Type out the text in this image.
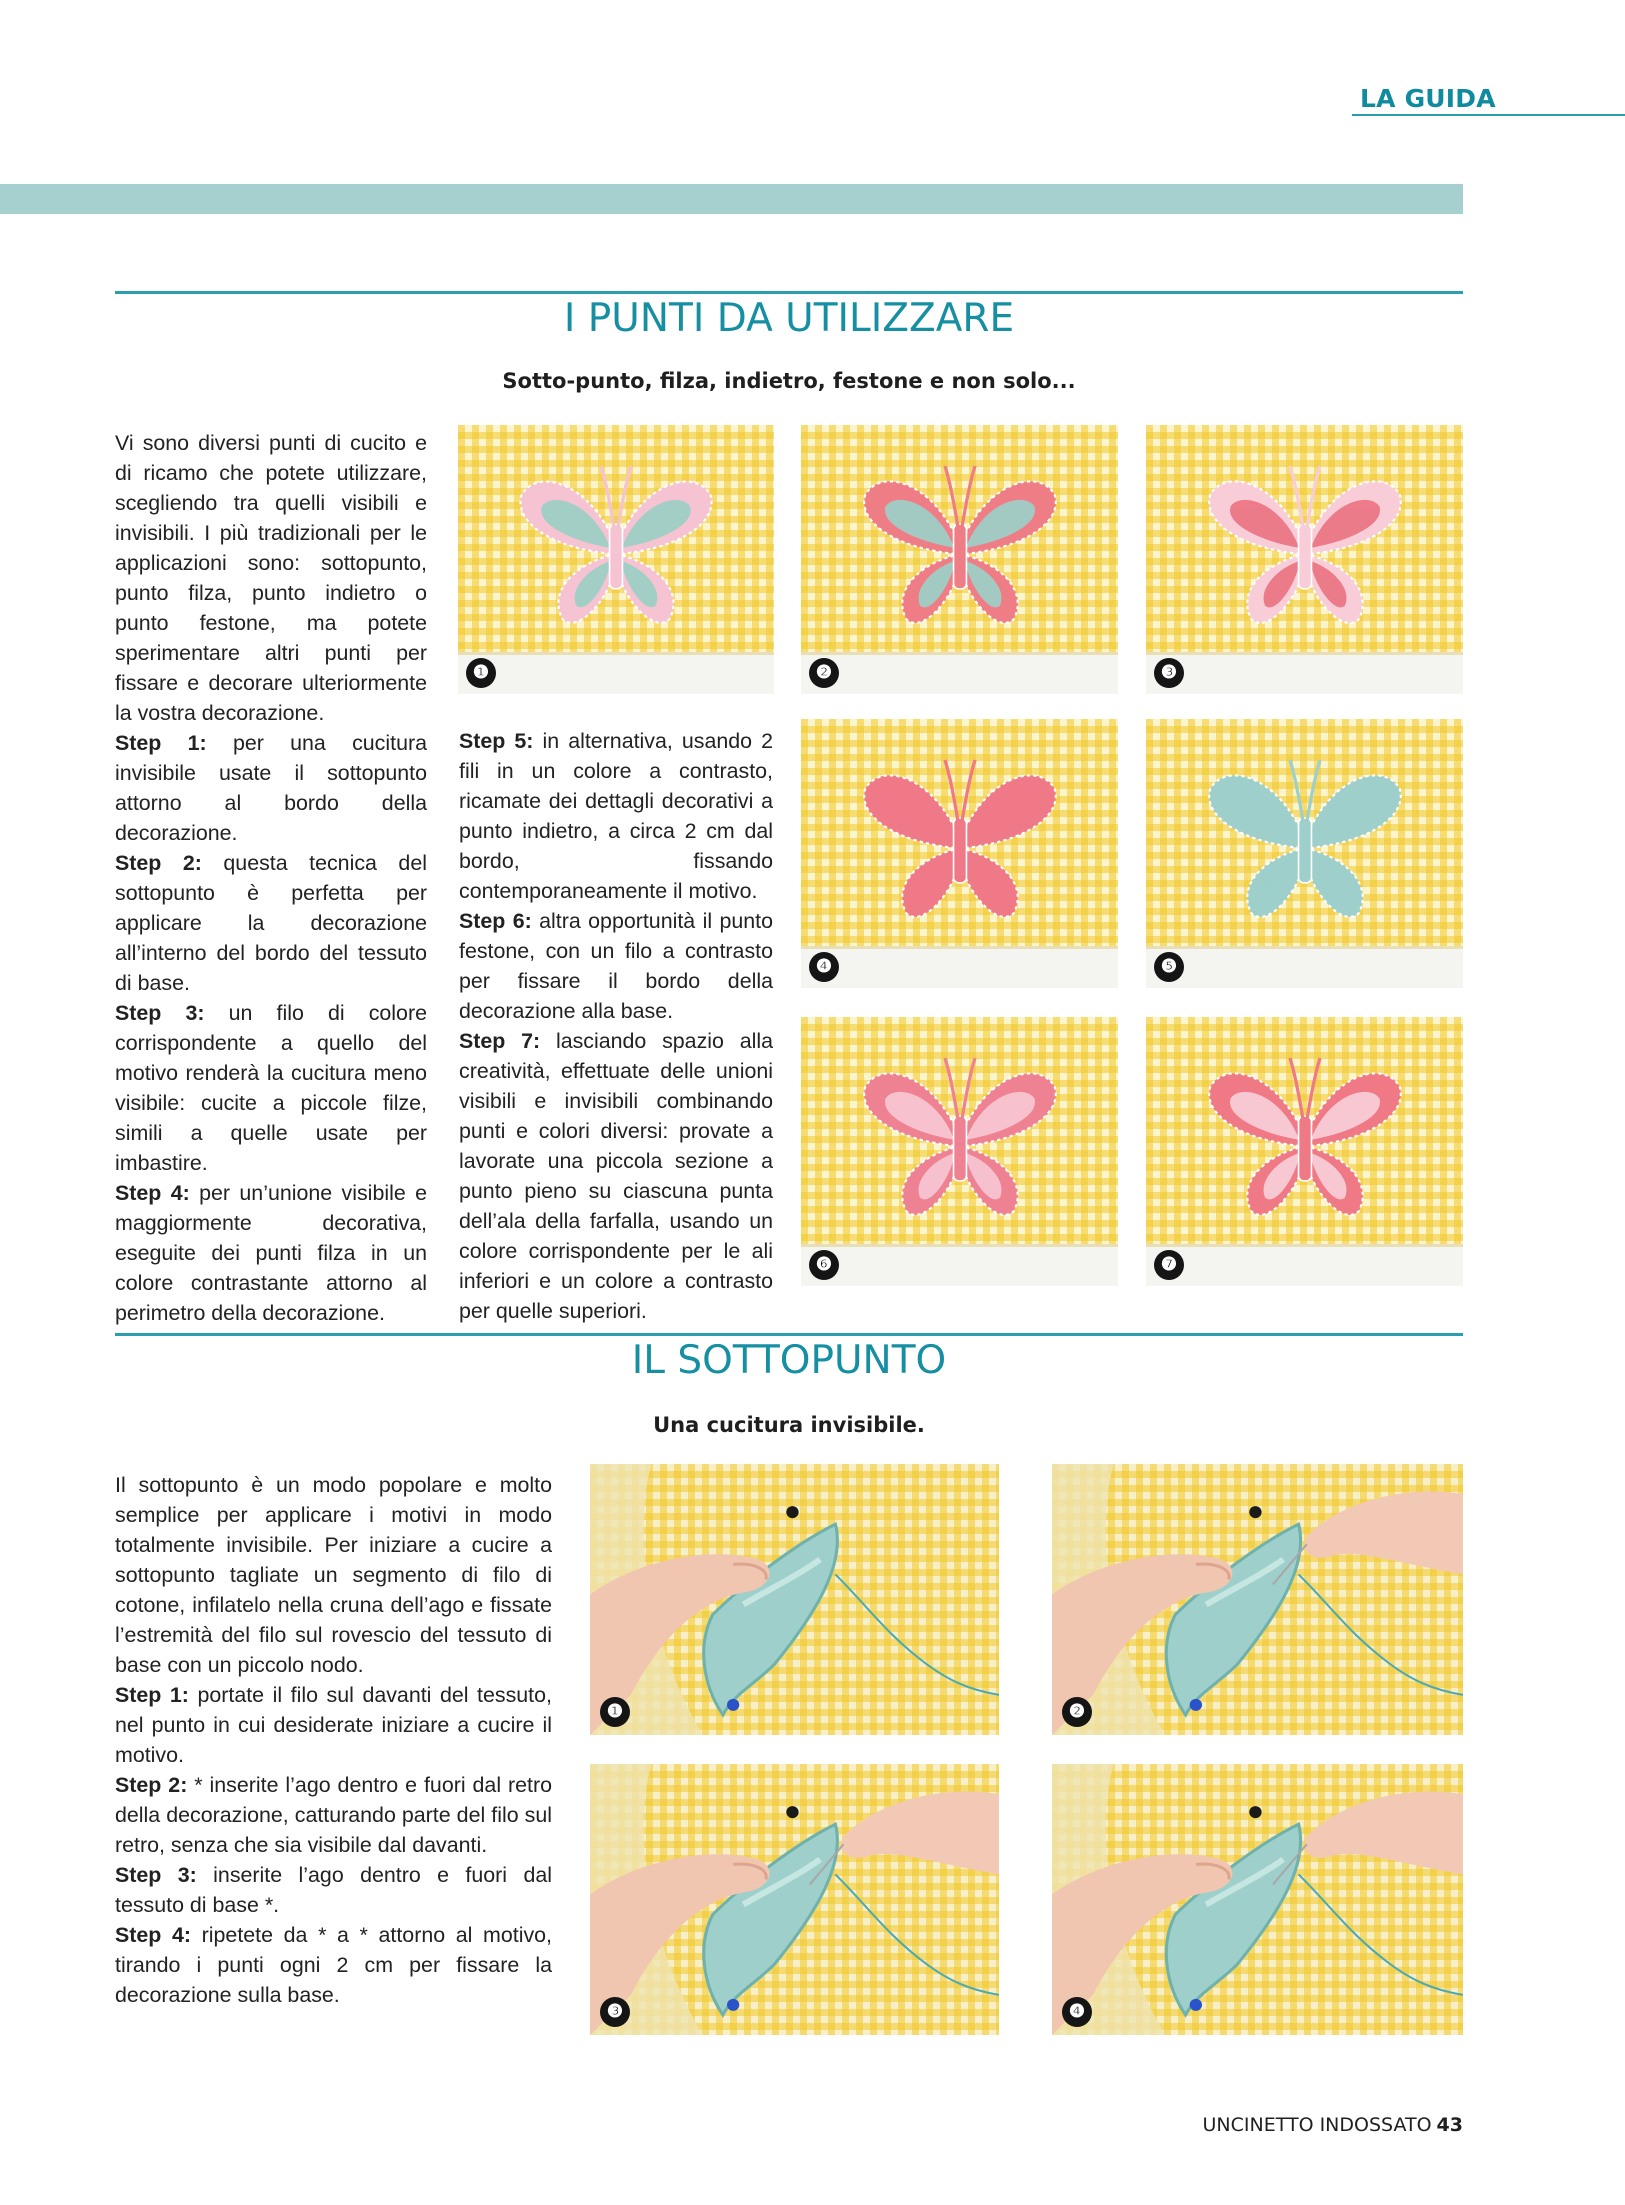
LA GUIDA
I PUNTI DA UTILIZZARE
Sotto-punto, filza, indietro, festone e non solo...

Vi sono diversi punti di cucito e di ricamo che potete utilizzare, scegliendo tra quelli visibili e invisibili. I più tradizionali per le applicazioni sono: sottopunto, punto filza, punto indietro o punto festone, ma potete sperimentare altri punti per fissare e decorare ulteriormente la vostra decorazione.

Step 1: per una cucitura invisibile usate il sottopunto attorno al bordo della decorazione.

Step 2: questa tecnica del sottopunto è perfetta per applicare la decorazione all’interno del bordo del tessuto di base.

Step 3: un filo di colore corrispondente a quello del motivo renderà la cucitura meno visibile: cucite a piccole filze, simili a quelle usate per imbastire.

Step 4: per un’unione visibile e maggiormente decorativa, eseguite dei punti filza in un colore contrastante attorno al perimetro della decorazione.

Step 5: in alternativa, usando 2 fili in un colore a contrasto, ricamate dei dettagli decorativi a punto indietro, a circa 2 cm dal bordo, fissando contemporaneamente il motivo.

Step 6: altra opportunità il punto festone, con un filo a contrasto per fissare il bordo della decorazione alla base.

Step 7: lasciando spazio alla creatività, effettuate delle unioni visibili e invisibili combinando punti e colori diversi: provate a lavorate una piccola sezione a punto pieno su ciascuna punta dell’ala della farfalla, usando un colore corrispondente per le ali inferiori e un colore a contrasto per quelle superiori.

❶	❷	❸
❹	❺
❻	❼
IL SOTTOPUNTO
Una cucitura invisibile.

Il sottopunto è un modo popolare e molto semplice per applicare i motivi in modo totalmente invisibile. Per iniziare a cucire a sottopunto tagliate un segmento di filo di cotone, infilatelo nella cruna dell’ago e fissate l’estremità del filo sul rovescio del tessuto di base con un piccolo nodo.

Step 1: portate il filo sul davanti del tessuto, nel punto in cui desiderate iniziare a cucire il motivo.

Step 2: * inserite l’ago dentro e fuori dal retro della decorazione, catturando parte del filo sul retro, senza che sia visibile dal davanti.

Step 3: inserite l’ago dentro e fuori dal tessuto di base *.

Step 4: ripetete da * a * attorno al motivo, tirando i punti ogni 2 cm per fissare la decorazione sulla base.

❶	❷
❸	❹
UNCINETTO INDOSSATO 43
